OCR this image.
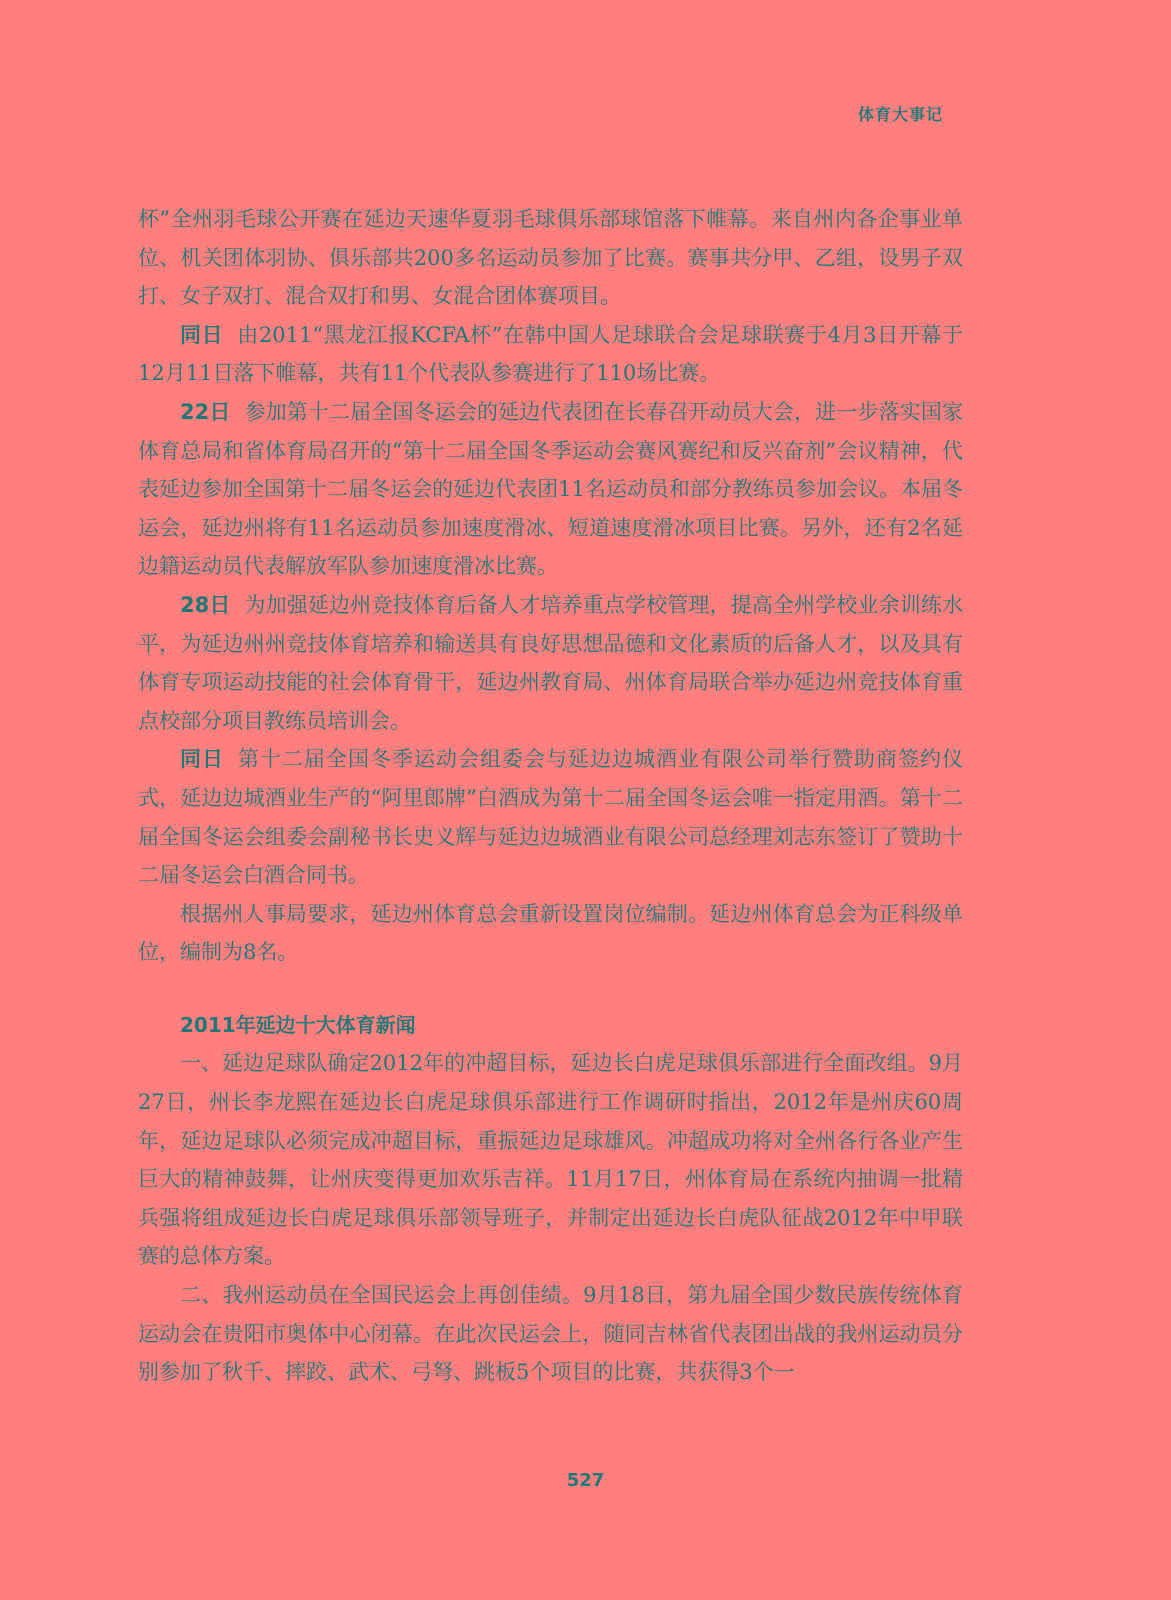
体育大事记

杯”全州羽毛球公开赛在延边天速华夏羽毛球俱乐部球馆落下帷幕。来自州内各企事业单位、机关团体羽协、俱乐部共200多名运动员参加了比赛。赛事共分甲、乙组，设男子双打、女子双打、混合双打和男、女混合团体赛项目。

同日 由2011“黑龙江报KCFA杯”在韩中国人足球联合会足球联赛于4月3日开幕于12月11日落下帷幕，共有11个代表队参赛进行了110场比赛。

22日 参加第十二届全国冬运会的延边代表团在长春召开动员大会，进一步落实国家体育总局和省体育局召开的“第十二届全国冬季运动会赛风赛纪和反兴奋剂”会议精神，代表延边参加全国第十二届冬运会的延边代表团11名运动员和部分教练员参加会议。本届冬运会，延边州将有11名运动员参加速度滑冰、短道速度滑冰项目比赛。另外，还有2名延边籍运动员代表解放军队参加速度滑冰比赛。

28日 为加强延边州竞技体育后备人才培养重点学校管理，提高全州学校业余训练水平，为延边州州竞技体育培养和输送具有良好思想品德和文化素质的后备人才，以及具有体育专项运动技能的社会体育骨干，延边州教育局、州体育局联合举办延边州竞技体育重点校部分项目教练员培训会。

同日 第十二届全国冬季运动会组委会与延边边城酒业有限公司举行赞助商签约仪式，延边边城酒业生产的“阿里郎牌”白酒成为第十二届全国冬运会唯一指定用酒。第十二届全国冬运会组委会副秘书长史义辉与延边边城酒业有限公司总经理刘志东签订了赞助十二届冬运会白酒合同书。

根据州人事局要求，延边州体育总会重新设置岗位编制。延边州体育总会为正科级单位，编制为8名。

2011年延边十大体育新闻

一、延边足球队确定2012年的冲超目标，延边长白虎足球俱乐部进行全面改组。9月27日，州长李龙熙在延边长白虎足球俱乐部进行工作调研时指出，2012年是州庆60周年，延边足球队必须完成冲超目标，重振延边足球雄风。冲超成功将对全州各行各业产生巨大的精神鼓舞，让州庆变得更加欢乐吉祥。11月17日，州体育局在系统内抽调一批精兵强将组成延边长白虎足球俱乐部领导班子，并制定出延边长白虎队征战2012年中甲联赛的总体方案。

二、我州运动员在全国民运会上再创佳绩。9月18日，第九届全国少数民族传统体育运动会在贵阳市奥体中心闭幕。在此次民运会上，随同吉林省代表团出战的我州运动员分别参加了秋千、摔跤、武术、弓弩、跳板5个项目的比赛，共获得3个一

527
